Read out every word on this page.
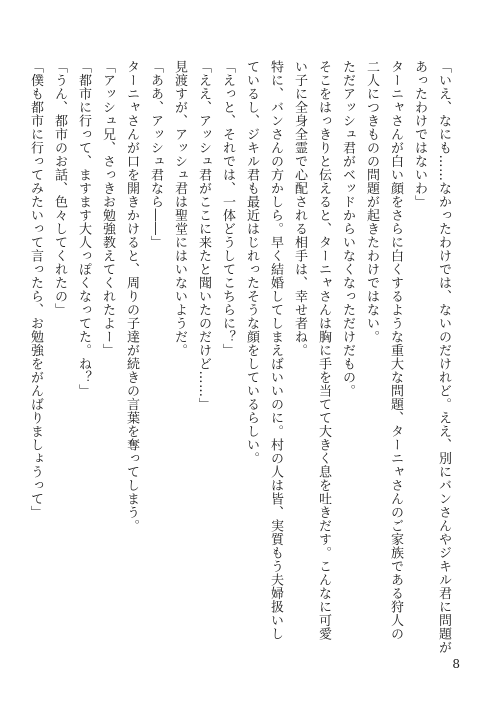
「いえ、なにも……なかったわけでは、ないのだけれど。ええ、別にバンさんやジキル君に問題が
あったわけではないわ」
ターニャさんが白い顔をさらに白くするような重大な問題、ターニャさんのご家族である狩人の
二人につきものの問題が起きたわけではない。
ただアッシュ君がベッドからいなくなっただけだもの。
そこをはっきりと伝えると、ターニャさんは胸に手を当てて大きく息を吐きだす。こんなに可愛
い子に全身全霊で心配される相手は、幸せ者ね。
特に、バンさんの方かしら。早く結婚してしまえばいいのに。村の人は皆、実質もう夫婦扱いし
ているし、ジキル君も最近はじれったそうな顔をしているらしい。
「えっと、それでは、一体どうしてこちらに？」
「ええ、アッシュ君がここに来たと聞いたのだけど……」
見渡すが、アッシュ君は聖堂にはいないようだ。
「ああ、アッシュ君なら――」
ターニャさんが口を開きかけると、周りの子達が続きの言葉を奪ってしまう。
「アッシュ兄、さっきお勉強教えてくれたよー」
「都市に行って、ますます大人っぽくなってた。ね？」
「うん、都市のお話、色々してくれたの」
「僕も都市に行ってみたいって言ったら、お勉強をがんばりましょうって」
8
